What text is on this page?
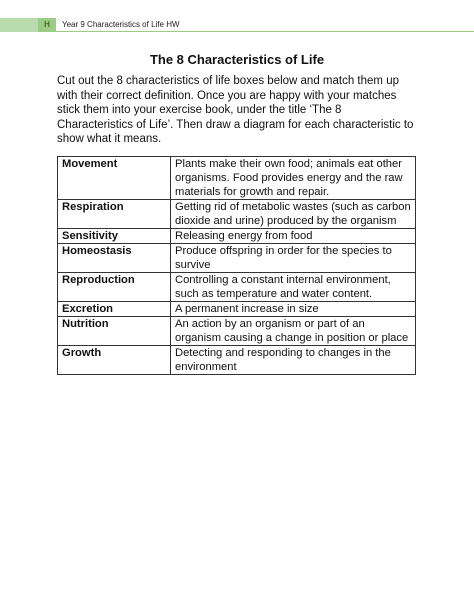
H	Year 9 Characteristics of Life HW
The 8 Characteristics of Life
Cut out the 8 characteristics of life boxes below and match them up with their correct definition. Once you are happy with your matches stick them into your exercise book, under the title ‘The 8 Characteristics of Life’. Then draw a diagram for each characteristic to show what it means.
Movement	Plants make their own food; animals eat other organisms. Food provides energy and the raw materials for growth and repair.
Respiration	Getting rid of metabolic wastes (such as carbon dioxide and urine) produced by the organism
Sensitivity	Releasing energy from food
Homeostasis	Produce offspring in order for the species to survive
Reproduction	Controlling a constant internal environment, such as temperature and water content.
Excretion	A permanent increase in size
Nutrition	An action by an organism or part of an organism causing a change in position or place
Growth	Detecting and responding to changes in the environment
